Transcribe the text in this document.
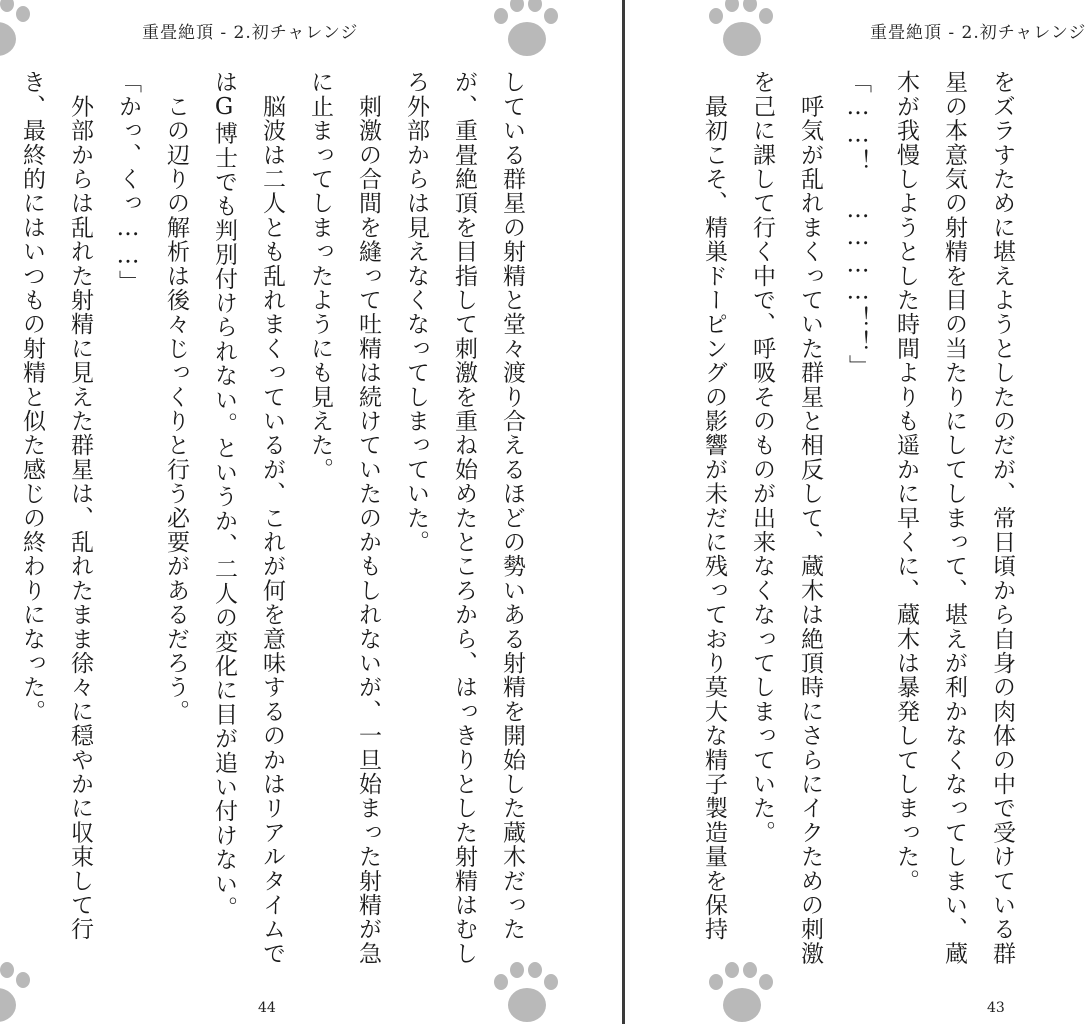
重畳絶頂 ‐ 2.初チャレンジ

している群星の射精と堂々渡り合えるほどの勢いある射精を開始した蔵木だったが、重畳絶頂を目指して刺激を重ね始めたところから、はっきりとした射精はむしろ外部からは見えなくなってしまっていた。

　刺激の合間を縫って吐精は続けていたのかもしれないが、一旦始まった射精が急に止まってしまったようにも見えた。

　脳波は二人とも乱れまくっているが、これが何を意味するのかはリアルタイムではG博士でも判別付けられない。というか、二人の変化に目が追い付けない。

　この辺りの解析は後々じっくりと行う必要があるだろう。

「かっ、くっ……」

　外部からは乱れた射精に見えた群星は、乱れたまま徐々に穏やかに収束して行き、最終的にはいつもの射精と似た感じの終わりになった。

44
重畳絶頂 ‐ 2.初チャレンジ

をズラすために堪えようとしたのだが、常日頃から自身の肉体の中で受けている群星の本意気の射精を目の当たりにしてしまって、堪えが利かなくなってしまい、蔵木が我慢しようとした時間よりも遥かに早くに、蔵木は暴発してしまった。

「……！　…………！！」

　呼気が乱れまくっていた群星と相反して、蔵木は絶頂時にさらにイクための刺激を己に課して行く中で、呼吸そのものが出来なくなってしまっていた。

　最初こそ、精巣ドーピングの影響が未だに残っており莫大な精子製造量を保持

43
